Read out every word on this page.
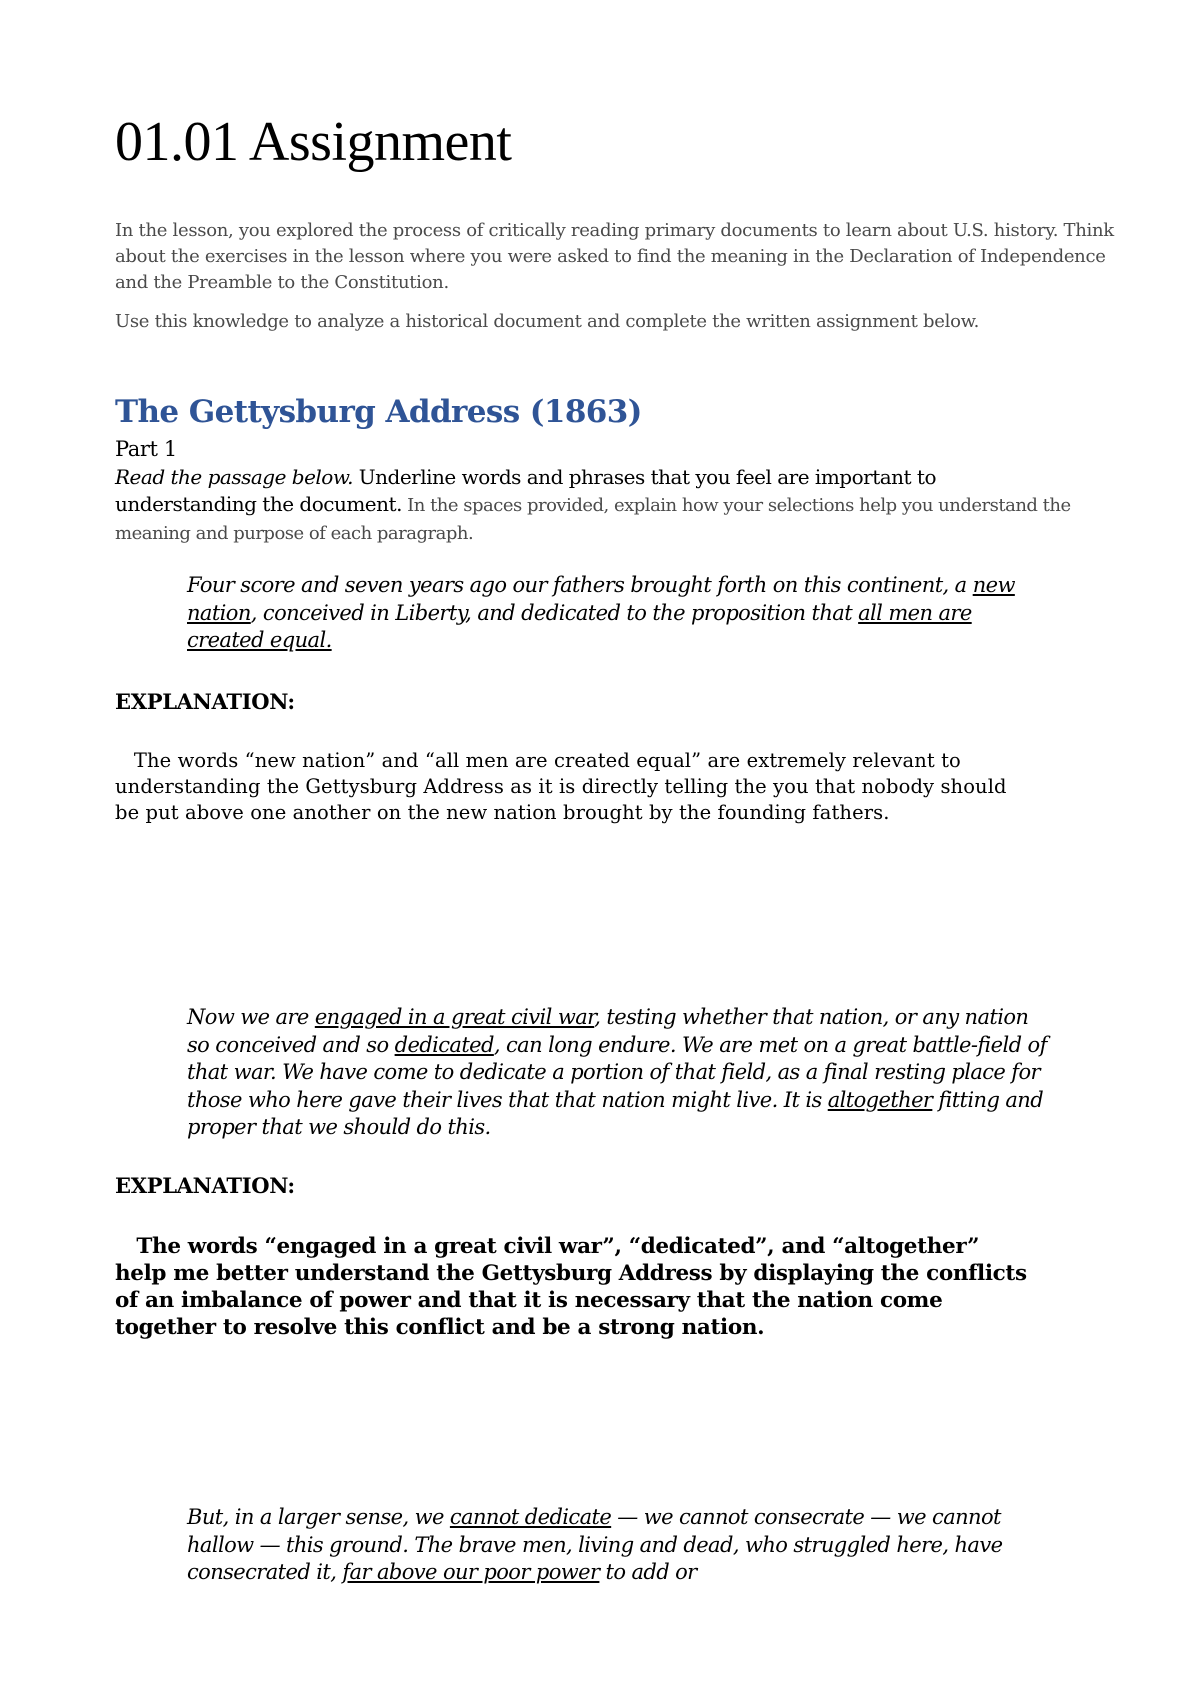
01.01 Assignment

In the lesson, you explored the process of critically reading primary documents to learn about U.S. history. Think about the exercises in the lesson where you were asked to find the meaning in the Declaration of Independence and the Preamble to the Constitution.

Use this knowledge to analyze a historical document and complete the written assignment below.

The Gettysburg Address (1863)
Part 1

Read the passage below. Underline words and phrases that you feel are important to understanding the document. In the spaces provided, explain how your selections help you understand the meaning and purpose of each paragraph.

Four score and seven years ago our fathers brought forth on this continent, a new nation, conceived in Liberty, and dedicated to the proposition that all men are created equal.

EXPLANATION:

The words “new nation” and “all men are created equal” are extremely relevant to understanding the Gettysburg Address as it is directly telling the you that nobody should be put above one another on the new nation brought by the founding fathers.

Now we are engaged in a great civil war, testing whether that nation, or any nation so conceived and so dedicated, can long endure. We are met on a great battle-field of that war. We have come to dedicate a portion of that field, as a final resting place for those who here gave their lives that that nation might live. It is altogether fitting and proper that we should do this.

EXPLANATION:

The words “engaged in a great civil war”, “dedicated”, and “altogether” help me better understand the Gettysburg Address by displaying the conflicts of an imbalance of power and that it is necessary that the nation come together to resolve this conflict and be a strong nation.

But, in a larger sense, we cannot dedicate — we cannot consecrate — we cannot hallow — this ground. The brave men, living and dead, who struggled here, have consecrated it, far above our poor power to add or
